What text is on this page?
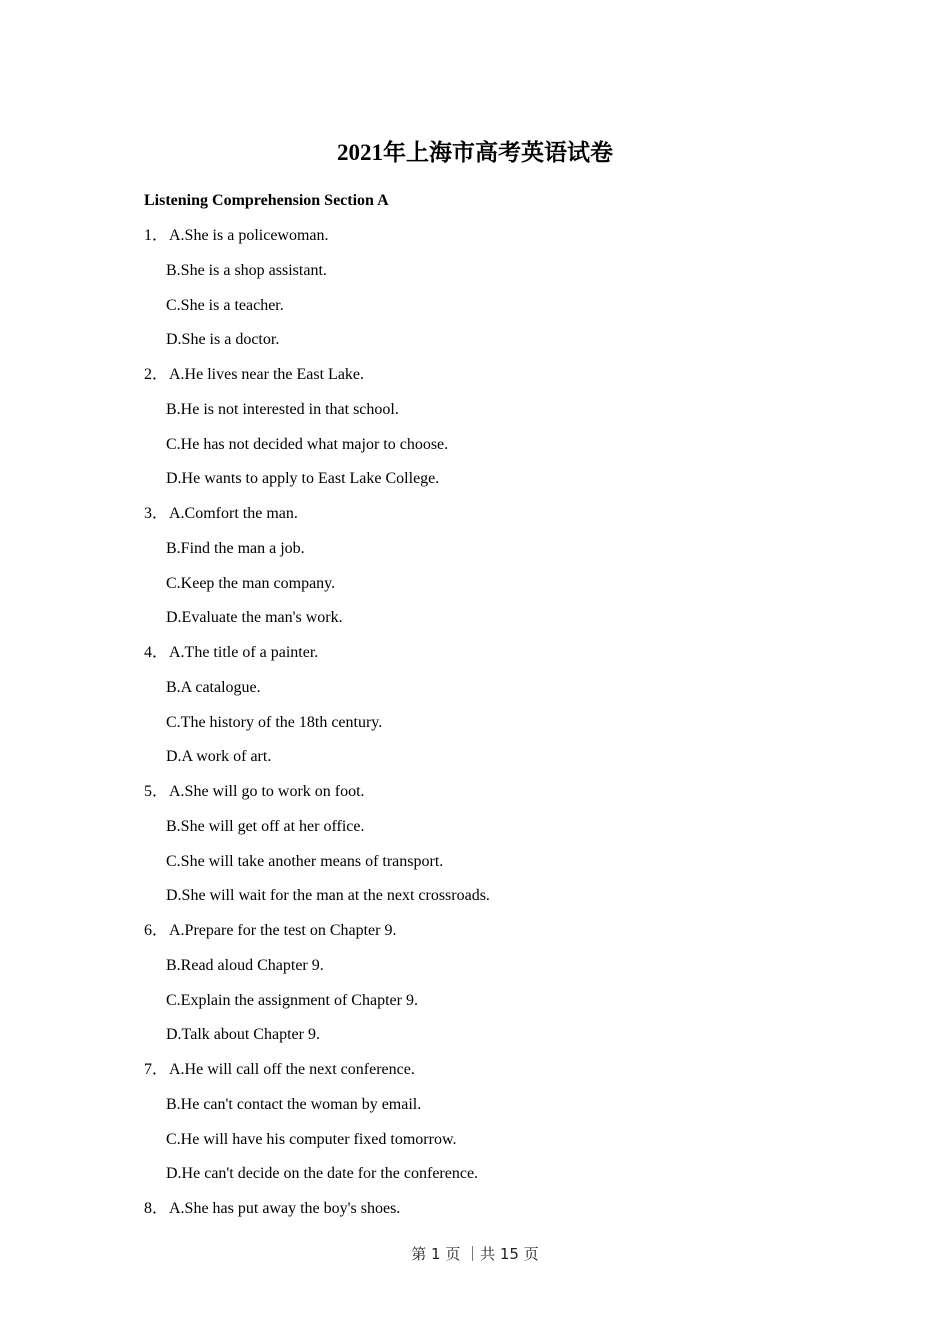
2021年上海市高考英语试卷
Listening Comprehension Section A
1．A.She is a policewoman.
B.She is a shop assistant.
C.She is a teacher.
D.She is a doctor.
2．A.He lives near the East Lake.
B.He is not interested in that school.
C.He has not decided what major to choose.
D.He wants to apply to East Lake College.
3．A.Comfort the man.
B.Find the man a job.
C.Keep the man company.
D.Evaluate the man's work.
4．A.The title of a painter.
B.A catalogue.
C.The history of the 18th century.
D.A work of art.
5．A.She will go to work on foot.
B.She will get off at her office.
C.She will take another means of transport.
D.She will wait for the man at the next crossroads.
6．A.Prepare for the test on Chapter 9.
B.Read aloud Chapter 9.
C.Explain the assignment of Chapter 9.
D.Talk about Chapter 9.
7．A.He will call off the next conference.
B.He can't contact the woman by email.
C.He will have his computer fixed tomorrow.
D.He can't decide on the date for the conference.
8．A.She has put away the boy's shoes.
第 1 页 ｜共 15 页
